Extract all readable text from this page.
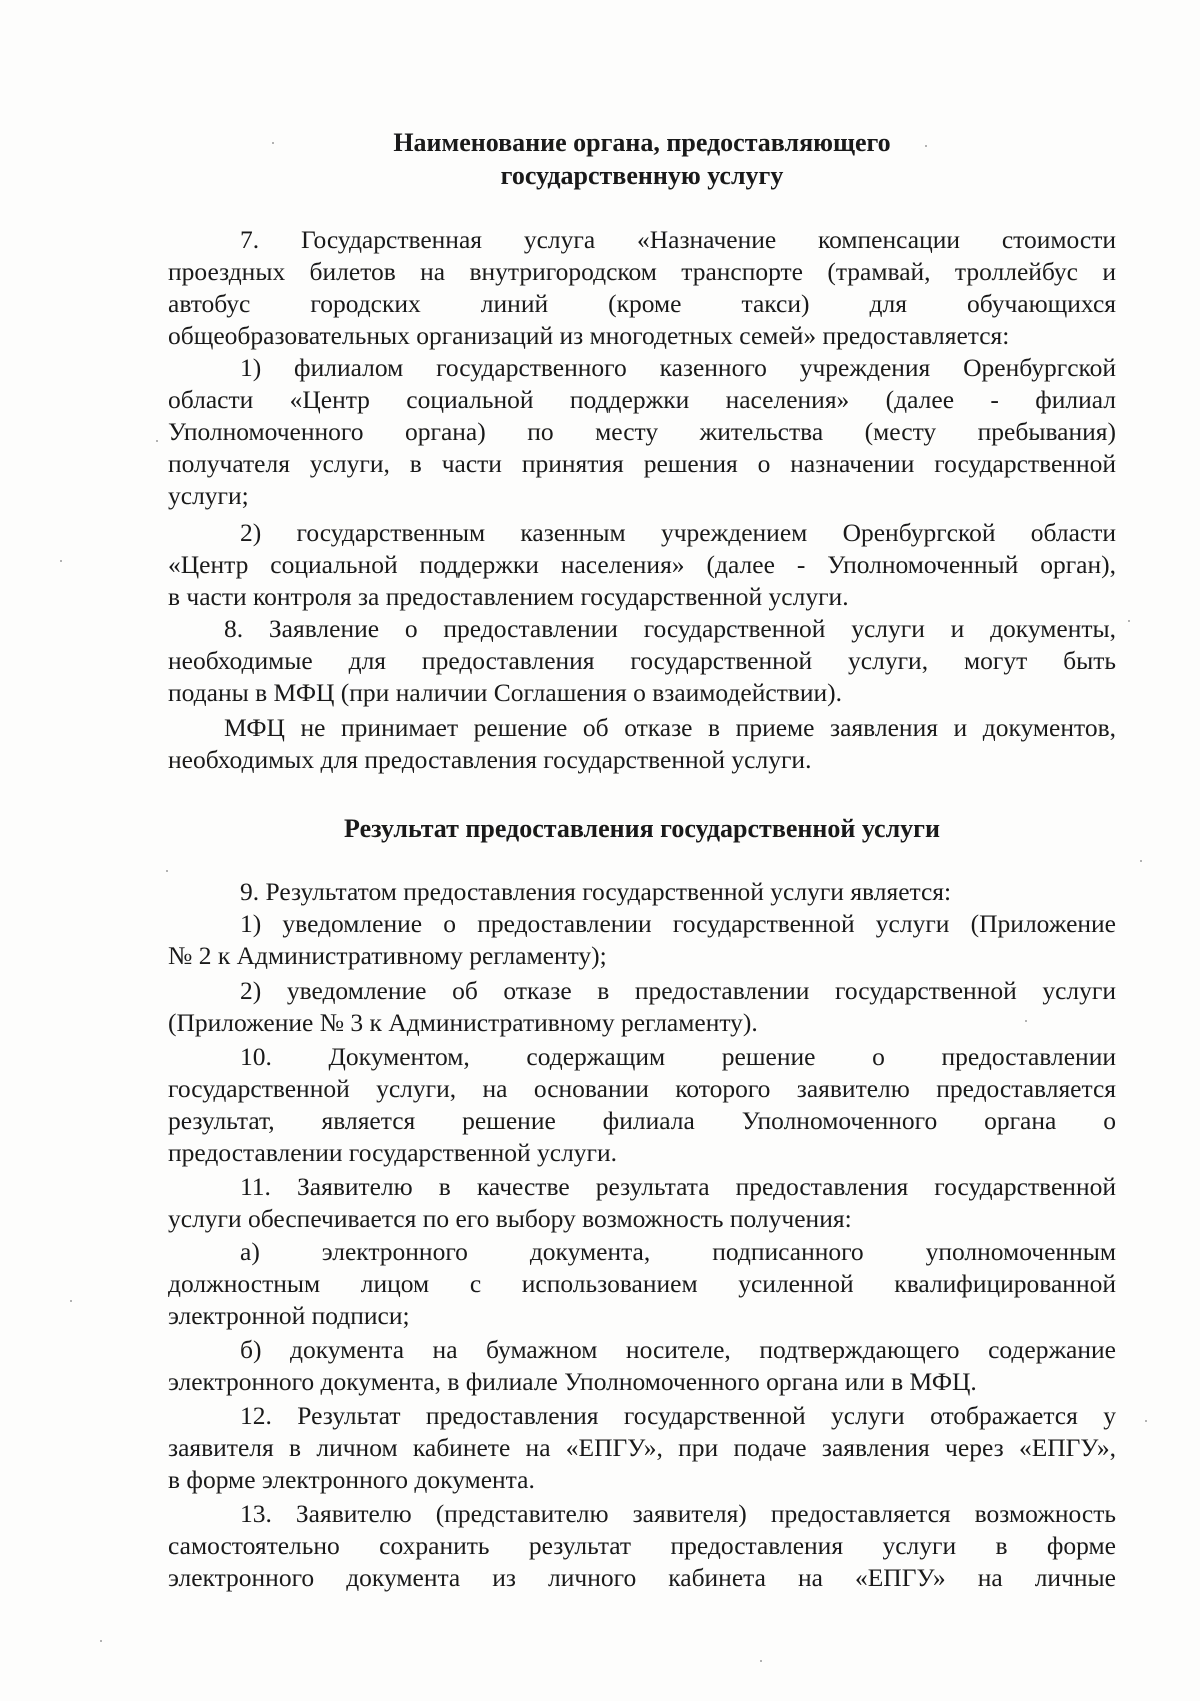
Наименование органа, предоставляющего
государственную услугу
7. Государственная услуга «Назначение компенсации стоимости
проездных билетов на внутригородском транспорте (трамвай, троллейбус и
автобус городских линий (кроме такси) для обучающихся
общеобразовательных организаций из многодетных семей» предоставляется:
1) филиалом государственного казенного учреждения Оренбургской
области «Центр социальной поддержки населения» (далее - филиал
Уполномоченного органа) по месту жительства (месту пребывания)
получателя услуги, в части принятия решения о назначении государственной
услуги;
2) государственным казенным учреждением Оренбургской области
«Центр социальной поддержки населения» (далее - Уполномоченный орган),
в части контроля за предоставлением государственной услуги.
8. Заявление о предоставлении государственной услуги и документы,
необходимые для предоставления государственной услуги, могут быть
поданы в МФЦ (при наличии Соглашения о взаимодействии).
МФЦ не принимает решение об отказе в приеме заявления и документов,
необходимых для предоставления государственной услуги.
Результат предоставления государственной услуги
9. Результатом предоставления государственной услуги является:
1) уведомление о предоставлении государственной услуги (Приложение
№ 2 к Административному регламенту);
2) уведомление об отказе в предоставлении государственной услуги
(Приложение № 3 к Административному регламенту).
10. Документом, содержащим решение о предоставлении
государственной услуги, на основании которого заявителю предоставляется
результат, является решение филиала Уполномоченного органа о
предоставлении государственной услуги.
11. Заявителю в качестве результата предоставления государственной
услуги обеспечивается по его выбору возможность получения:
а) электронного документа, подписанного уполномоченным
должностным лицом с использованием усиленной квалифицированной
электронной подписи;
б) документа на бумажном носителе, подтверждающего содержание
электронного документа, в филиале Уполномоченного органа или в МФЦ.
12. Результат предоставления государственной услуги отображается у
заявителя в личном кабинете на «ЕПГУ», при подаче заявления через «ЕПГУ»,
в форме электронного документа.
13. Заявителю (представителю заявителя) предоставляется возможность
самостоятельно сохранить результат предоставления услуги в форме
электронного документа из личного кабинета на «ЕПГУ» на личные
